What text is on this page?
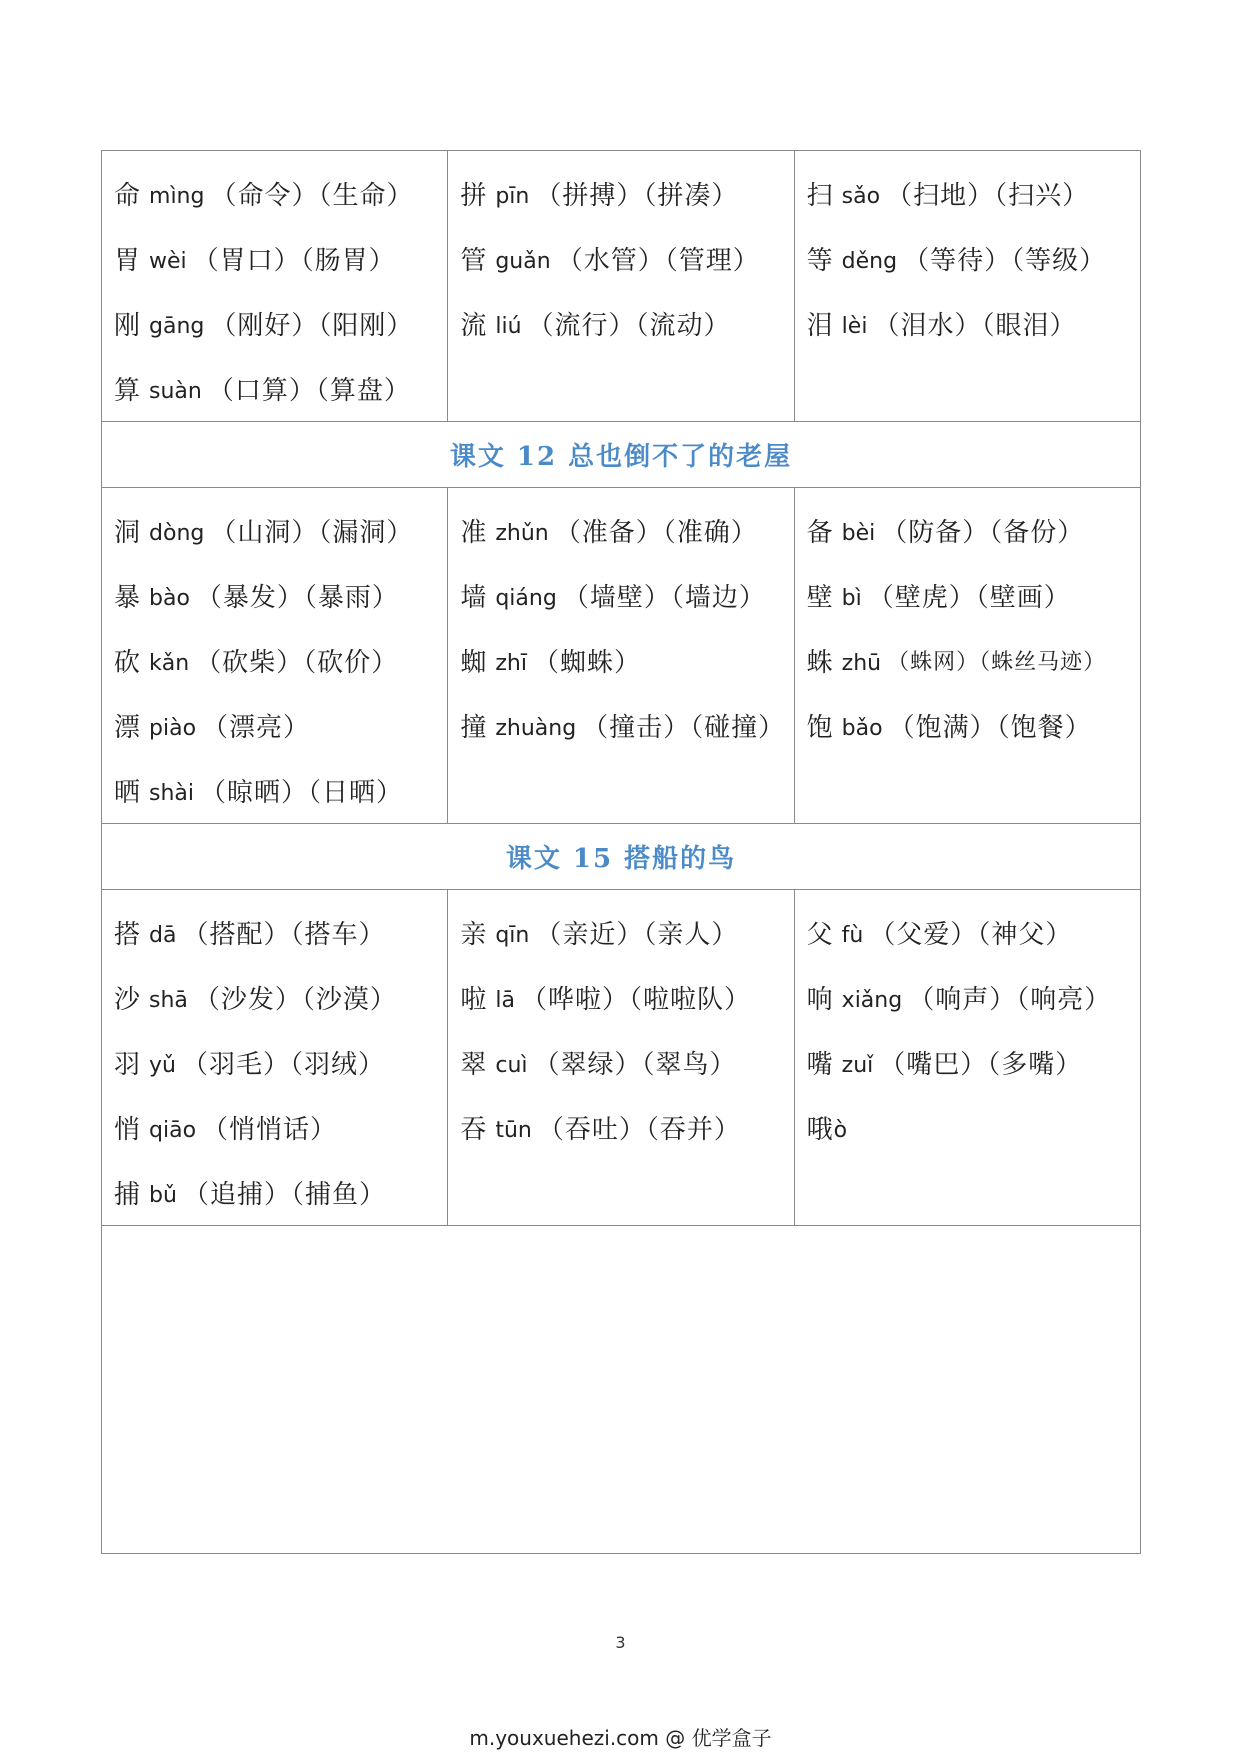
命 mìng （命令）（生命）
胃 wèi （胃口）（肠胃）
刚 gāng （刚好）（阳刚）
算 suàn （口算）（算盘）
拼 pīn （拼搏）（拼凑）
管 guǎn （水管）（管理）
流 liú （流行）（流动）
扫 sǎo （扫地）（扫兴）
等 děng （等待）（等级）
泪 lèi （泪水）（眼泪）
课文 12 总也倒不了的老屋
洞 dòng （山洞）（漏洞）
暴 bào （暴发）（暴雨）
砍 kǎn （砍柴）（砍价）
漂 piào （漂亮）
晒 shài （晾晒）（日晒）
准 zhǔn （准备）（准确）
墙 qiáng （墙壁）（墙边）
蜘 zhī （蜘蛛）
撞 zhuàng （撞击）（碰撞）
备 bèi （防备）（备份）
壁 bì （壁虎）（壁画）
蛛 zhū （蛛网）（蛛丝马迹）
饱 bǎo （饱满）（饱餐）
课文 15 搭船的鸟
搭 dā （搭配）（搭车）
沙 shā （沙发）（沙漠）
羽 yǔ （羽毛）（羽绒）
悄 qiāo （悄悄话）
捕 bǔ （追捕）（捕鱼）
亲 qīn （亲近）（亲人）
啦 lā （哗啦）（啦啦队）
翠 cuì （翠绿）（翠鸟）
吞 tūn （吞吐）（吞并）
父 fù （父爱）（神父）
响 xiǎng （响声）（响亮）
嘴 zuǐ （嘴巴）（多嘴）
哦 ò
3
m.youxuehezi.com @ 优学盒子
